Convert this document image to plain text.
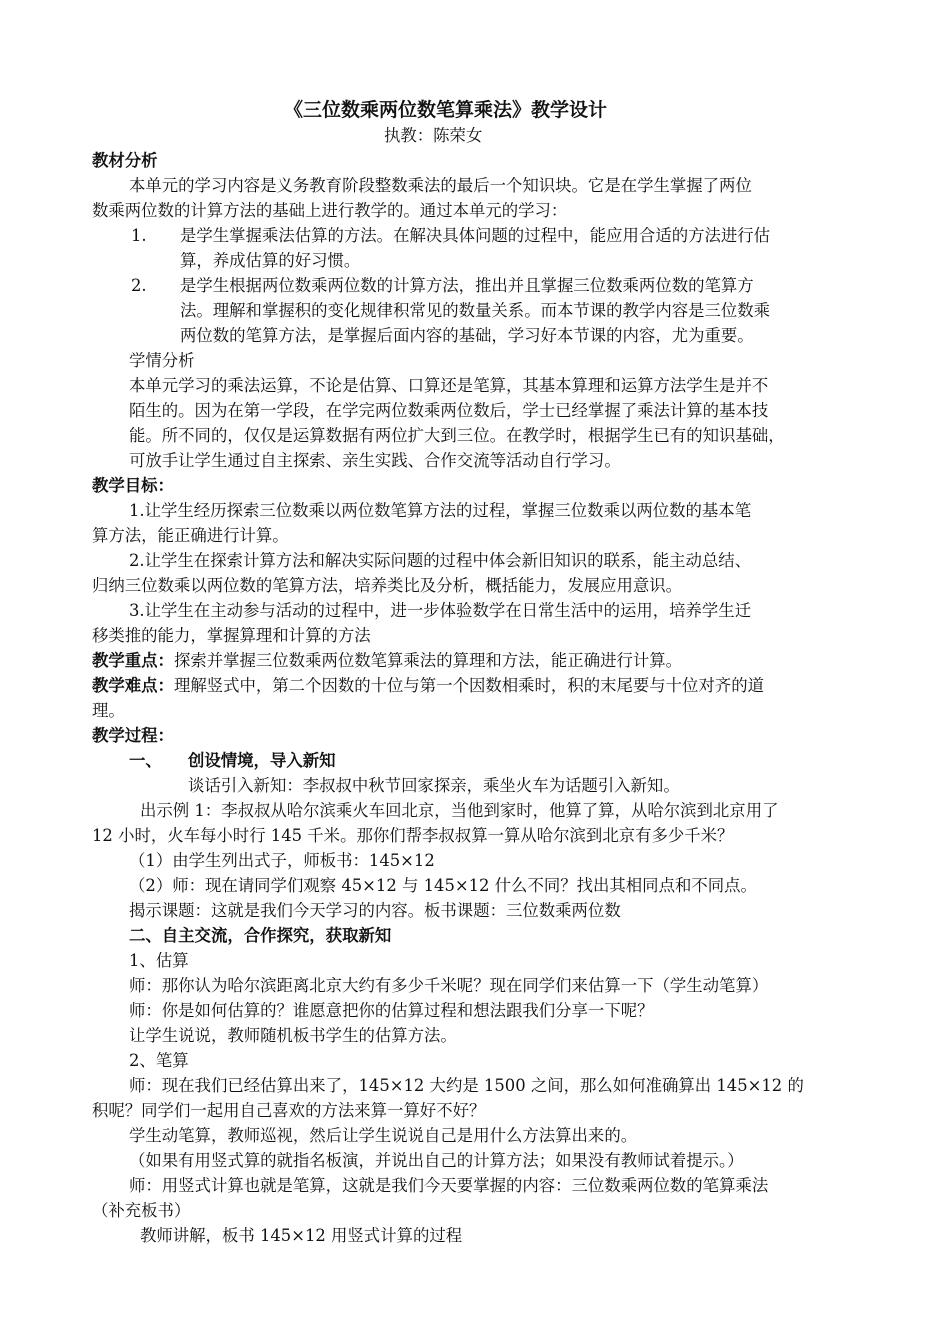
《三位数乘两位数笔算乘法》教学设计
执教：陈荣女
教材分析
本单元的学习内容是义务教育阶段整数乘法的最后一个知识块。它是在学生掌握了两位
数乘两位数的计算方法的基础上进行教学的。通过本单元的学习：
1. 是学生掌握乘法估算的方法。在解决具体问题的过程中，能应用合适的方法进行估
算，养成估算的好习惯。
2. 是学生根据两位数乘两位数的计算方法，推出并且掌握三位数乘两位数的笔算方
法。理解和掌握积的变化规律积常见的数量关系。而本节课的教学内容是三位数乘
两位数的笔算方法，是掌握后面内容的基础，学习好本节课的内容，尤为重要。
学情分析
本单元学习的乘法运算，不论是估算、口算还是笔算，其基本算理和运算方法学生是并不
陌生的。因为在第一学段，在学完两位数乘两位数后，学士已经掌握了乘法计算的基本技
能。所不同的，仅仅是运算数据有两位扩大到三位。在教学时，根据学生已有的知识基础，
可放手让学生通过自主探索、亲生实践、合作交流等活动自行学习。
教学目标：
1.让学生经历探索三位数乘以两位数笔算方法的过程，掌握三位数乘以两位数的基本笔
算方法，能正确进行计算。
2.让学生在探索计算方法和解决实际问题的过程中体会新旧知识的联系，能主动总结、
归纳三位数乘以两位数的笔算方法，培养类比及分析，概括能力，发展应用意识。
3.让学生在主动参与活动的过程中，进一步体验数学在日常生活中的运用，培养学生迁
移类推的能力，掌握算理和计算的方法
教学重点：探索并掌握三位数乘两位数笔算乘法的算理和方法，能正确进行计算。
教学难点：理解竖式中，第二个因数的十位与第一个因数相乘时，积的末尾要与十位对齐的道
理。
教学过程：
一、 创设情境，导入新知
谈话引入新知：李叔叔中秋节回家探亲，乘坐火车为话题引入新知。
出示例 1：李叔叔从哈尔滨乘火车回北京，当他到家时，他算了算，从哈尔滨到北京用了
12 小时，火车每小时行 145 千米。那你们帮李叔叔算一算从哈尔滨到北京有多少千米？
（1）由学生列出式子，师板书：145×12
（2）师：现在请同学们观察 45×12 与 145×12 什么不同？找出其相同点和不同点。
揭示课题：这就是我们今天学习的内容。板书课题：三位数乘两位数
二、自主交流，合作探究，获取新知
1、估算
师：那你认为哈尔滨距离北京大约有多少千米呢？现在同学们来估算一下（学生动笔算）
师：你是如何估算的？谁愿意把你的估算过程和想法跟我们分享一下呢？
让学生说说，教师随机板书学生的估算方法。
2、笔算
师：现在我们已经估算出来了，145×12 大约是 1500 之间，那么如何准确算出 145×12 的
积呢？同学们一起用自己喜欢的方法来算一算好不好？
学生动笔算，教师巡视，然后让学生说说自己是用什么方法算出来的。
（如果有用竖式算的就指名板演，并说出自己的计算方法；如果没有教师试着提示。）
师：用竖式计算也就是笔算，这就是我们今天要掌握的内容：三位数乘两位数的笔算乘法
（补充板书）
教师讲解，板书 145×12 用竖式计算的过程
